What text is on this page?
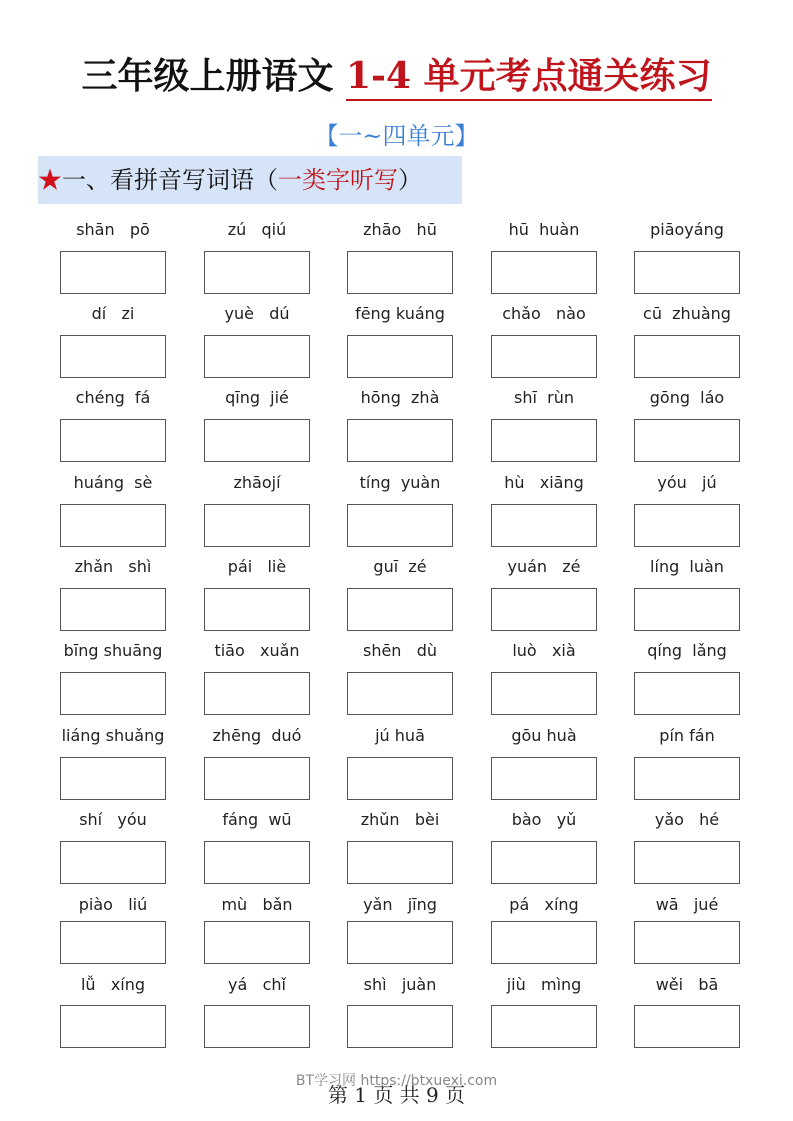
三年级上册语文 1-4 单元考点通关练习
【一~四单元】
★一、看拼音写词语（一类字听写）
shān   pō	zú   qiú	zhāo   hū	hū  huàn	piāoyáng
dí   zi	yuè   dú	fēng kuáng	chǎo   nào	cū  zhuàng
chéng  fá	qīng  jié	hōng  zhà	shī  rùn	gōng  láo
huáng  sè	zhāojí	tíng  yuàn	hù   xiāng	yóu   jú
zhǎn   shì	pái   liè	guī  zé	yuán   zé	líng  luàn
bīng shuāng	tiāo   xuǎn	shēn   dù	luò   xià	qíng  lǎng
liáng shuǎng	zhēng  duó	jú huā	gōu huà	pín fán
shí   yóu	fáng  wū	zhǔn   bèi	bào   yǔ	yǎo   hé
piào   liú	mù   bǎn	yǎn   jīng	pá   xíng	wā   jué
lǚ   xíng	yá   chǐ	shì   juàn	jiù   mìng	wěi   bā
BT学习网 https://btxuexi.com
第 1 页 共 9 页
